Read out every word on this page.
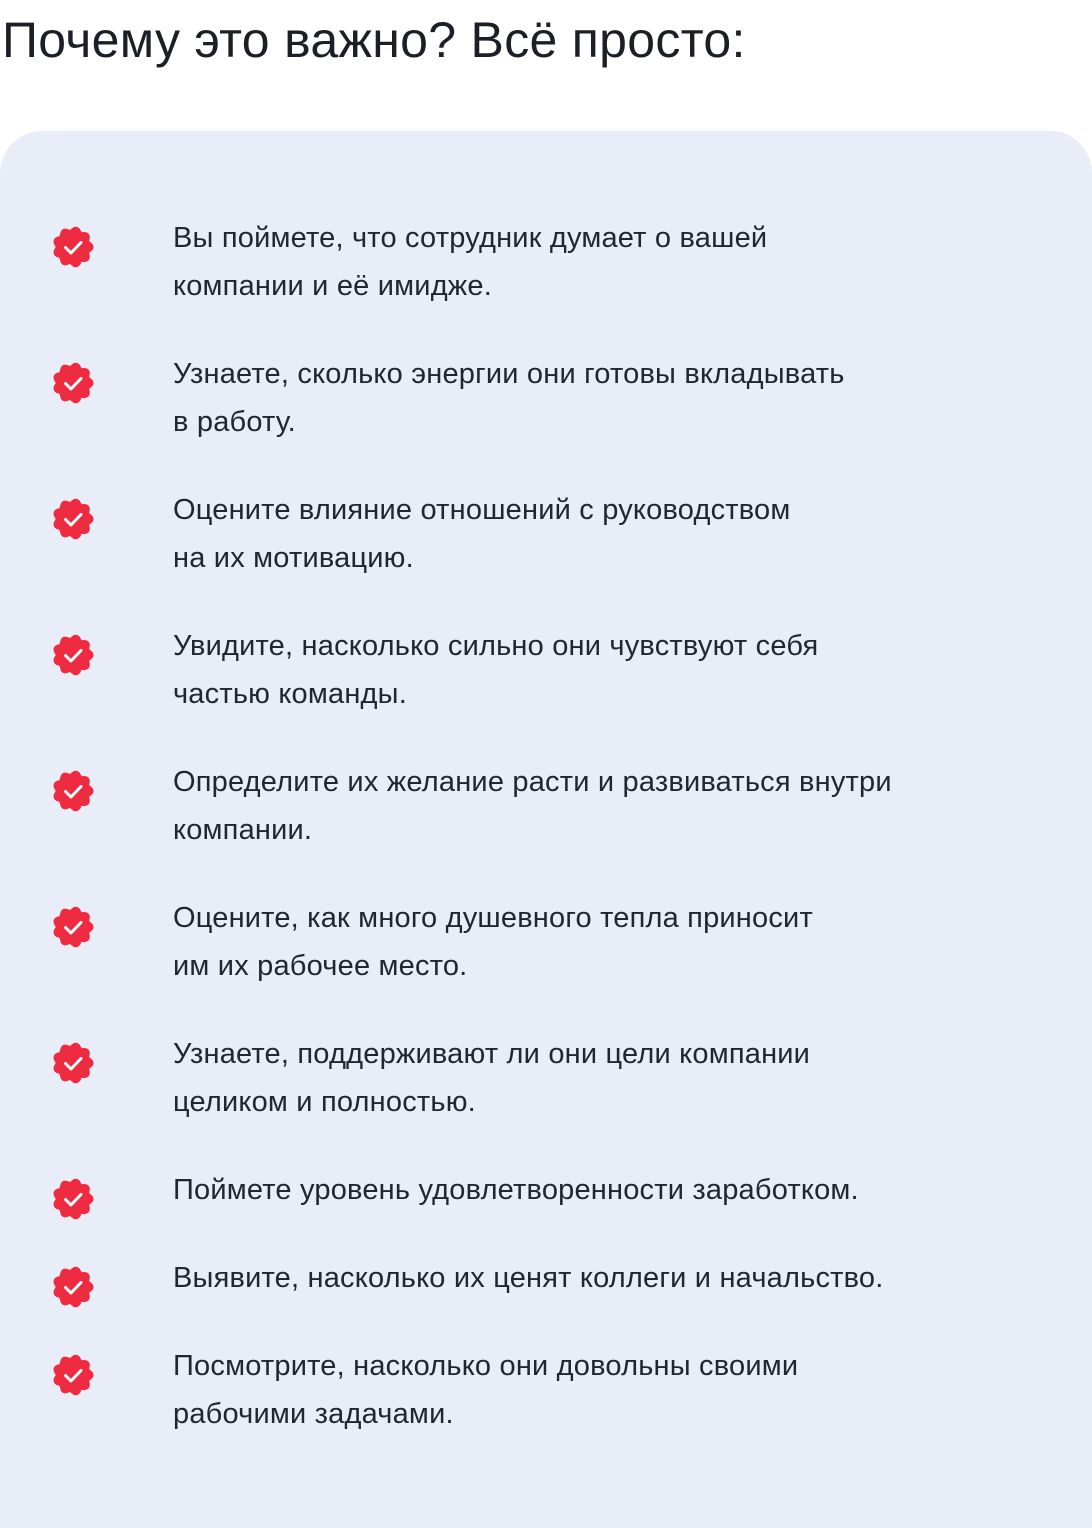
Почему это важно? Всё просто:
Вы поймете, что сотрудник думает о вашей
компании и её имидже.
Узнаете, сколько энергии они готовы вкладывать
в работу.
Оцените влияние отношений с руководством
на их мотивацию.
Увидите, насколько сильно они чувствуют себя
частью команды.
Определите их желание расти и развиваться внутри
компании.
Оцените, как много душевного тепла приносит
им их рабочее место.
Узнаете, поддерживают ли они цели компании
целиком и полностью.
Поймете уровень удовлетворенности заработком.
Выявите, насколько их ценят коллеги и начальство.
Посмотрите, насколько они довольны своими
рабочими задачами.
